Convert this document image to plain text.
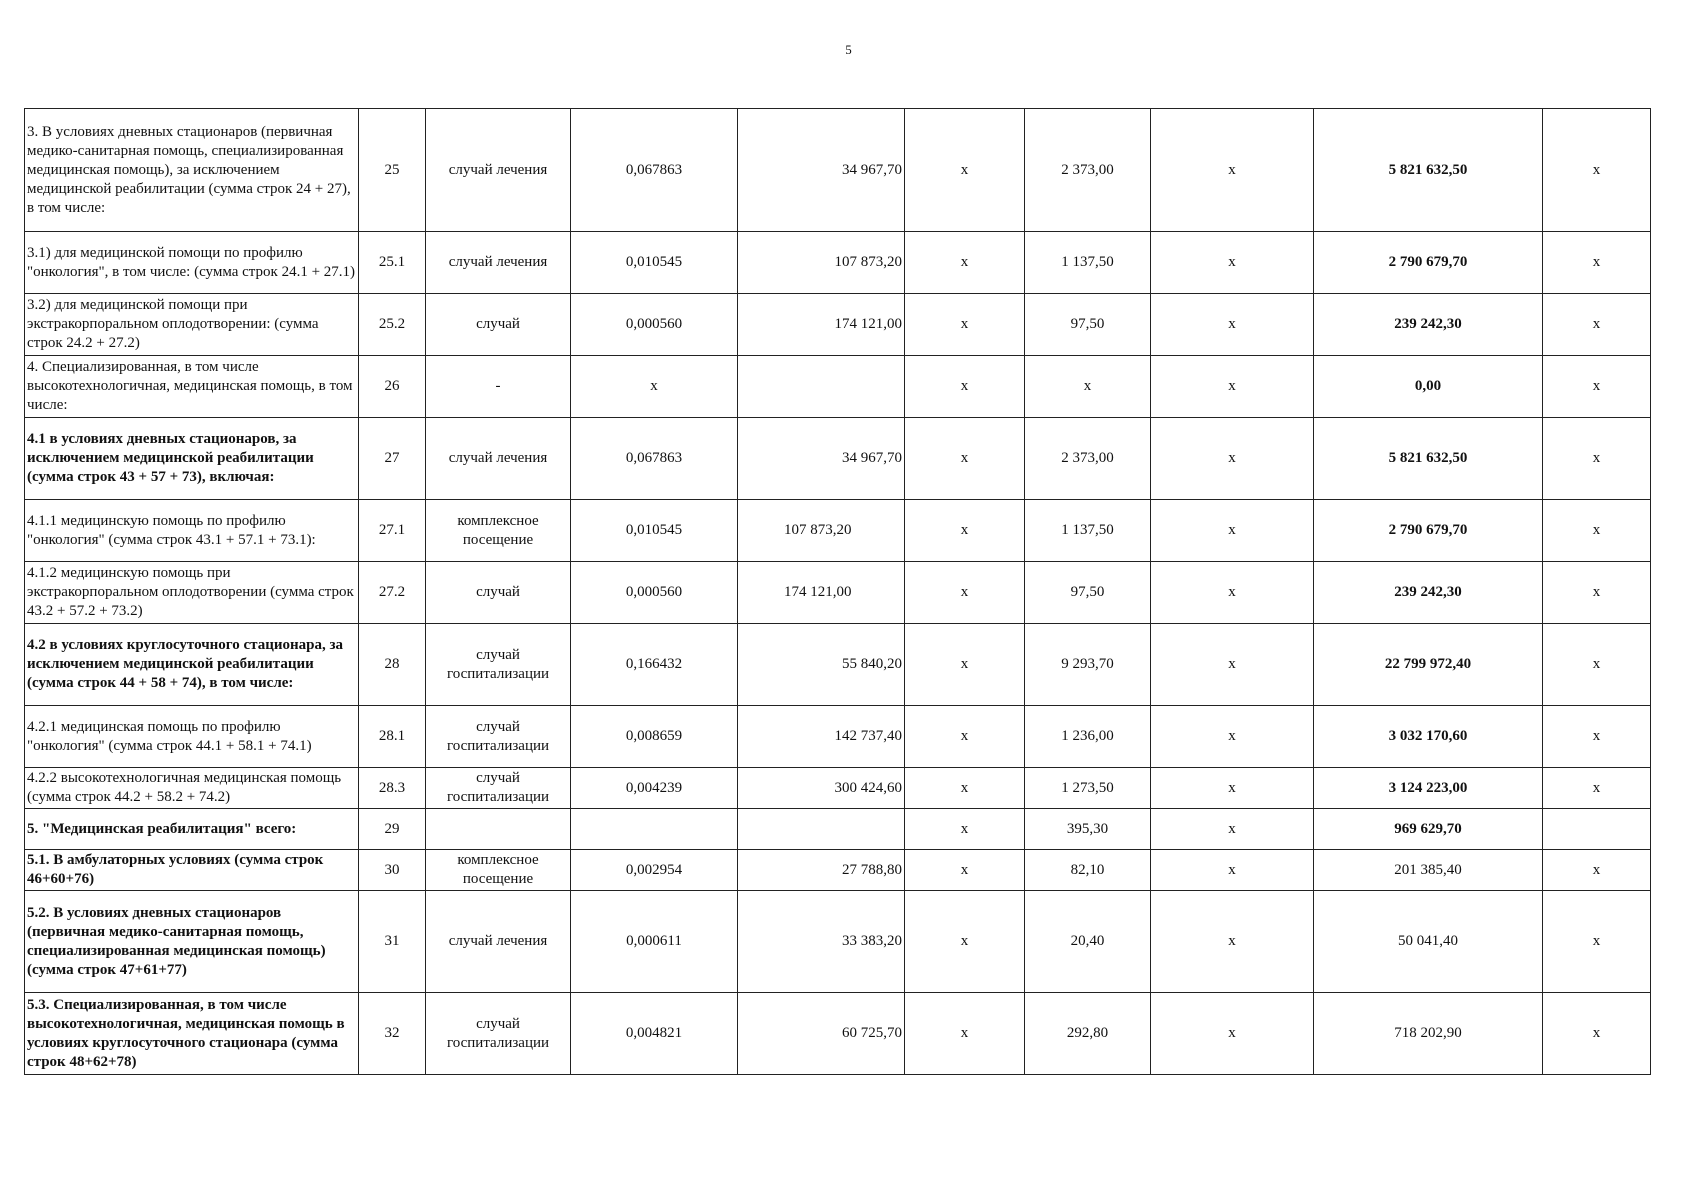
5
3. В условиях дневных стационаров (первичная медико-санитарная помощь, специализированная медицинская помощь), за исключением медицинской реабилитации (сумма строк 24 + 27), в том числе:	25	случай лечения	0,067863	34 967,70	х	2 373,00	х	5 821 632,50	х
3.1) для медицинской помощи по профилю "онкология", в том числе: (сумма строк 24.1 + 27.1)	25.1	случай лечения	0,010545	107 873,20	х	1 137,50	х	2 790 679,70	х
3.2) для медицинской помощи при экстракорпоральном оплодотворении: (сумма строк 24.2 + 27.2)	25.2	случай	0,000560	174 121,00	х	97,50	х	239 242,30	х
4. Специализированная, в том числе высокотехнологичная, медицинская помощь, в том числе:	26	-	х		х	х	х	0,00	х
4.1 в условиях дневных стационаров, за исключением медицинской реабилитации (сумма строк 43 + 57 + 73), включая:	27	случай лечения	0,067863	34 967,70	х	2 373,00	х	5 821 632,50	х
4.1.1 медицинскую помощь по профилю "онкология" (сумма строк 43.1 + 57.1 + 73.1):	27.1	комплексное посещение	0,010545	107 873,20	х	1 137,50	х	2 790 679,70	х
4.1.2 медицинскую помощь при экстракорпоральном оплодотворении (сумма строк 43.2 + 57.2 + 73.2)	27.2	случай	0,000560	174 121,00	х	97,50	х	239 242,30	х
4.2 в условиях круглосуточного стационара, за исключением медицинской реабилитации (сумма строк 44 + 58 + 74), в том числе:	28	случай госпитализации	0,166432	55 840,20	х	9 293,70	х	22 799 972,40	х
4.2.1 медицинская помощь по профилю "онкология" (сумма строк 44.1 + 58.1 + 74.1)	28.1	случай госпитализации	0,008659	142 737,40	х	1 236,00	х	3 032 170,60	х
4.2.2 высокотехнологичная медицинская помощь (сумма строк 44.2 + 58.2 + 74.2)	28.3	случай госпитализации	0,004239	300 424,60	х	1 273,50	х	3 124 223,00	х
5. "Медицинская реабилитация" всего:	29				х	395,30	х	969 629,70	
5.1. В амбулаторных условиях (сумма строк 46+60+76)	30	комплексное посещение	0,002954	27 788,80	х	82,10	х	201 385,40	х
5.2. В условиях дневных стационаров (первичная медико-санитарная помощь, специализированная медицинская помощь) (сумма строк 47+61+77)	31	случай лечения	0,000611	33 383,20	х	20,40	х	50 041,40	х
5.3. Специализированная, в том числе высокотехнологичная, медицинская помощь в условиях круглосуточного стационара (сумма строк 48+62+78)	32	случай госпитализации	0,004821	60 725,70	х	292,80	х	718 202,90	х
